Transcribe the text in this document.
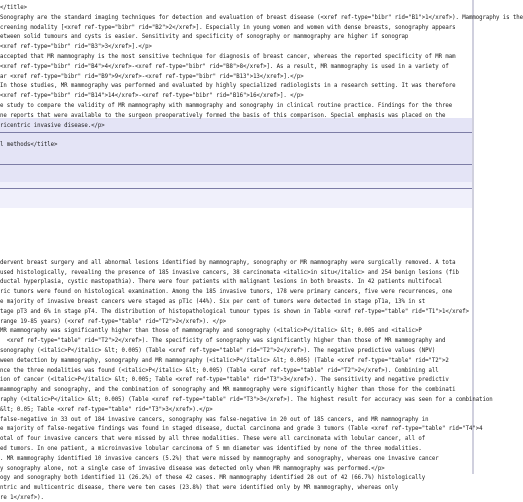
</title>
Sonography are the standard imaging techniques for detection and evaluation of breast disease (<xref ref-type="bibr" rid="B1">1</xref>). Mammography is the
creening modality [<xref ref-type="bibr" rid="B2">2</xref>]. Especially in young women and women with dense breasts, sonography appears
etween solid tumours and cysts is easier. Sensitivity and specificity of sonography or mammography are higher if sonograp
<xref ref-type="bibr" rid="B3">3</xref>].</p>
accepted that MR mammography is the most sensitive technique for diagnosis of breast cancer, whereas the reported specificity of MR mam
<xref ref-type="bibr" rid="B4">4</xref>-<xref ref-type="bibr" rid="B8">8</xref>]. As a result, MR mammography is used in a variety of
ar <xref ref-type="bibr" rid="B9">9</xref>-<xref ref-type="bibr" rid="B13">13</xref>].</p>
In those studies, MR mammography was performed and evaluated by highly specialized radiologists in a research setting. It was therefore
<xref ref-type="bibr" rid="B14">14</xref>-<xref ref-type="bibr" rid="B16">16</xref>]. </p>
e study to compare the validity of MR mammography with mammography and sonography in clinical routine practice. Findings for the three
ne reports that were available to the surgeon preoperatively formed the basis of this comparison. Special emphasis was placed on the
ricentric invasive disease.</p>
l methods</title>
dervent breast surgery and all abnormal lesions identified by mammography, sonography or MR mammography were surgically removed. A tota
used histologically, revealing the presence of 185 invasive cancers, 38 carcinomata <italic>in situ</italic> and 254 benign lesions (fib
ductal hyperplasia, cystic mastopathia). There were four patients with malignant lesions in both breasts. In 42 patients multifocal
ric tumors were found on histological examination. Among the 185 invasive tumors, 178 were primary cancers, five were recurrences, one
e majority of invasive breast cancers were staged as pT1c (44%). Six per cent of tumors were detected in stage pT1a, 13% in st
tage pT3 and 6% in stage pT4. The distribution of histopathological tumour types is shown in Table <xref ref-type="table" rid="T1">1</xref>
range 19-85 years) (<xref ref-type="table" rid="T2">2</xref>). </p>
MR mammography was significantly higher than those of mammography and sonography (<italic>P</italic> &lt; 0.005 and <italic>P
<xref ref-type="table" rid="T2">2</xref>). The specificity of sonography was significantly higher than those of MR mammography and
sonography (<italic>P</italic> &lt; 0.005) (Table <xref ref-type="table" rid="T2">2</xref>). The negative predictive values (NPV)
ween detection by mammography, sonography and MR mammography (<italic>P</italic> &lt; 0.005) (Table <xref ref-type="table" rid="T2">2
nce the three modalities was found (<italic>P</italic> &lt; 0.005) (Table <xref ref-type="table" rid="T2">2</xref>). Combining all
ion of cancer (<italic>P</italic> &lt; 0.005; Table <xref ref-type="table" rid="T3">3</xref>). The sensitivity and negative predictiv
mammography and sonography, and the combination of sonography and MR mammography were significantly higher than those for the combinati
raphy (<italic>P</italic> &lt; 0.005) (Table <xref ref-type="table" rid="T3">3</xref>). The highest result for accuracy was seen for a combination
&lt; 0.05; Table <xref ref-type="table" rid="T3">3</xref>).</p>
false-negative in 33 out of 184 invasive cancers, sonography was false-negative in 20 out of 185 cancers, and MR mammography in
e majority of false-negative findings was found in staged disease, ductal carcinoma and grade 3 tumors (Table <xref ref-type="table" rid="T4">4
otal of four invasive cancers that were missed by all three modalities. These were all carcinomata with lobular cancer, all of
ed tumors. In one patient, a microinvasive lobular carcinoma of 5 mm diameter was identified by none of the three modalities.
. MR mammography identified 10 invasive cancers (5.2%) that were missed by mammography and sonography, whereas one invasive cancer
y sonography alone, not a single case of invasive disease was detected only when MR mammography was performed.</p>
ogy and sonography both identified 11 (26.2%) of these 42 cases. MR mammography identified 28 out of 42 (66.7%) histologically
ntric and multicentric disease, there were ten cases (23.8%) that were identified only by MR mammography, whereas only
re 1</xref>).
